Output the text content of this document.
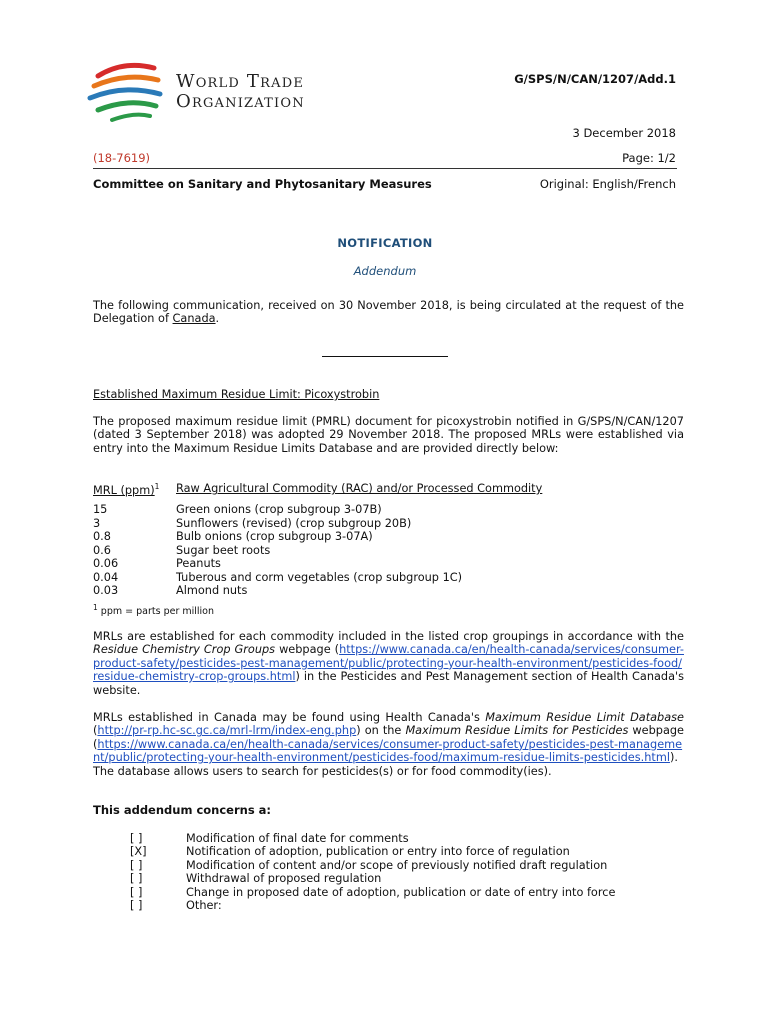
World Trade
Organization
G/SPS/N/CAN/1207/Add.1
3 December 2018
(18-7619)	Page: 1/2
Committee on Sanitary and Phytosanitary Measures	Original: English/French
NOTIFICATION
Addendum
The following communication, received on 30 November 2018, is being circulated at the request of the Delegation of Canada.
Established Maximum Residue Limit: Picoxystrobin
The proposed maximum residue limit (PMRL) document for picoxystrobin notified in G/SPS/N/CAN/1207 (dated 3 September 2018) was adopted 29 November 2018. The proposed MRLs were established via entry into the Maximum Residue Limits Database and are provided directly below:
MRL (ppm)$^1$ Raw Agricultural Commodity (RAC) and/or Processed Commodity
15	Green onions (crop subgroup 3-07B)
3	Sunflowers (revised) (crop subgroup 20B)
0.8	Bulb onions (crop subgroup 3-07A)
0.6	Sugar beet roots
0.06	Peanuts
0.04	Tuberous and corm vegetables (crop subgroup 1C)
0.03	Almond nuts
$^1$ ppm = parts per million
MRLs are established for each commodity included in the listed crop groupings in accordance with the Residue Chemistry Crop Groups webpage (https://www.canada.ca/en/health-canada/services/consumer-product-safety/pesticides-pest-management/public/protecting-your-health-environment/pesticides-food/residue-chemistry-crop-groups.html) in the Pesticides and Pest Management section of Health Canada's website.
MRLs established in Canada may be found using Health Canada's Maximum Residue Limit Database (http://pr-rp.hc-sc.gc.ca/mrl-lrm/index-eng.php) on the Maximum Residue Limits for Pesticides webpage (https://www.canada.ca/en/health-canada/services/consumer-product-safety/pesticides-pest-management/public/protecting-your-health-environment/pesticides-food/maximum-residue-limits-pesticides.html). The database allows users to search for pesticides(s) or for food commodity(ies).
This addendum concerns a:
[ ]	Modification of final date for comments
[X]	Notification of adoption, publication or entry into force of regulation
[ ]	Modification of content and/or scope of previously notified draft regulation
[ ]	Withdrawal of proposed regulation
[ ]	Change in proposed date of adoption, publication or date of entry into force
[ ]	Other:
